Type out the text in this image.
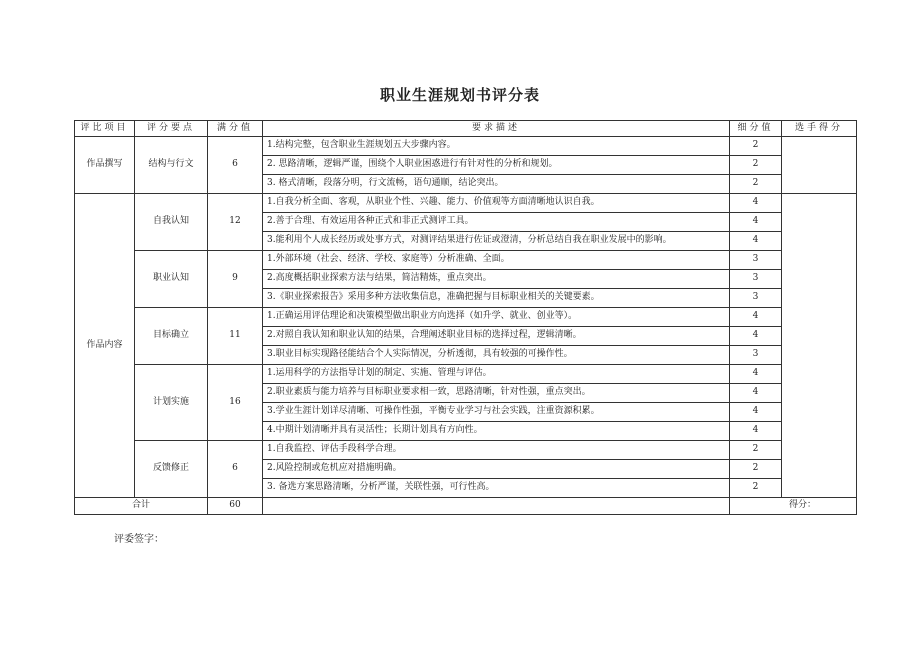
职业生涯规划书评分表
评比项目	评分要点	满分值	要求描述	细分值	选手得分
作品撰写	结构与行文	6	1.结构完整，包含职业生涯规划五大步骤内容。	2	
			2. 思路清晰，逻辑严谨，围绕个人职业困惑进行有针对性的分析和规划。	2	
			3. 格式清晰，段落分明，行文流畅，语句通顺，结论突出。	2	
作品内容	自我认知	12	1.自我分析全面、客观，从职业个性、兴趣、能力、价值观等方面清晰地认识自我。	4	
			2.善于合理、有效运用各种正式和非正式测评工具。	4	
			3.能利用个人成长经历或处事方式，对测评结果进行佐证或澄清，分析总结自我在职业发展中的影响。	4	
	职业认知	9	1.外部环境（社会、经济、学校、家庭等）分析准确、全面。	3	
			2.高度概括职业探索方法与结果，简洁精炼，重点突出。	3	
			3.《职业探索报告》采用多种方法收集信息，准确把握与目标职业相关的关键要素。	3	
	目标确立	11	1.正确运用评估理论和决策模型做出职业方向选择（如升学、就业、创业等）。	4	
			2.对照自我认知和职业认知的结果，合理阐述职业目标的选择过程，逻辑清晰。	4	
			3.职业目标实现路径能结合个人实际情况，分析透彻，具有较强的可操作性。	3	
	计划实施	16	1.运用科学的方法指导计划的制定、实施、管理与评估。	4	
			2.职业素质与能力培养与目标职业要求相一致，思路清晰，针对性强，重点突出。	4	
			3.学业生涯计划详尽清晰、可操作性强，平衡专业学习与社会实践，注重资源积累。	4	
			4.中期计划清晰并具有灵活性；长期计划具有方向性。	4	
	反馈修正	6	1.自我监控、评估手段科学合理。	2	
			2.风险控制或危机应对措施明确。	2	
			3. 备选方案思路清晰，分析严谨，关联性强，可行性高。	2	
合计		60		得分：	
评委签字：
